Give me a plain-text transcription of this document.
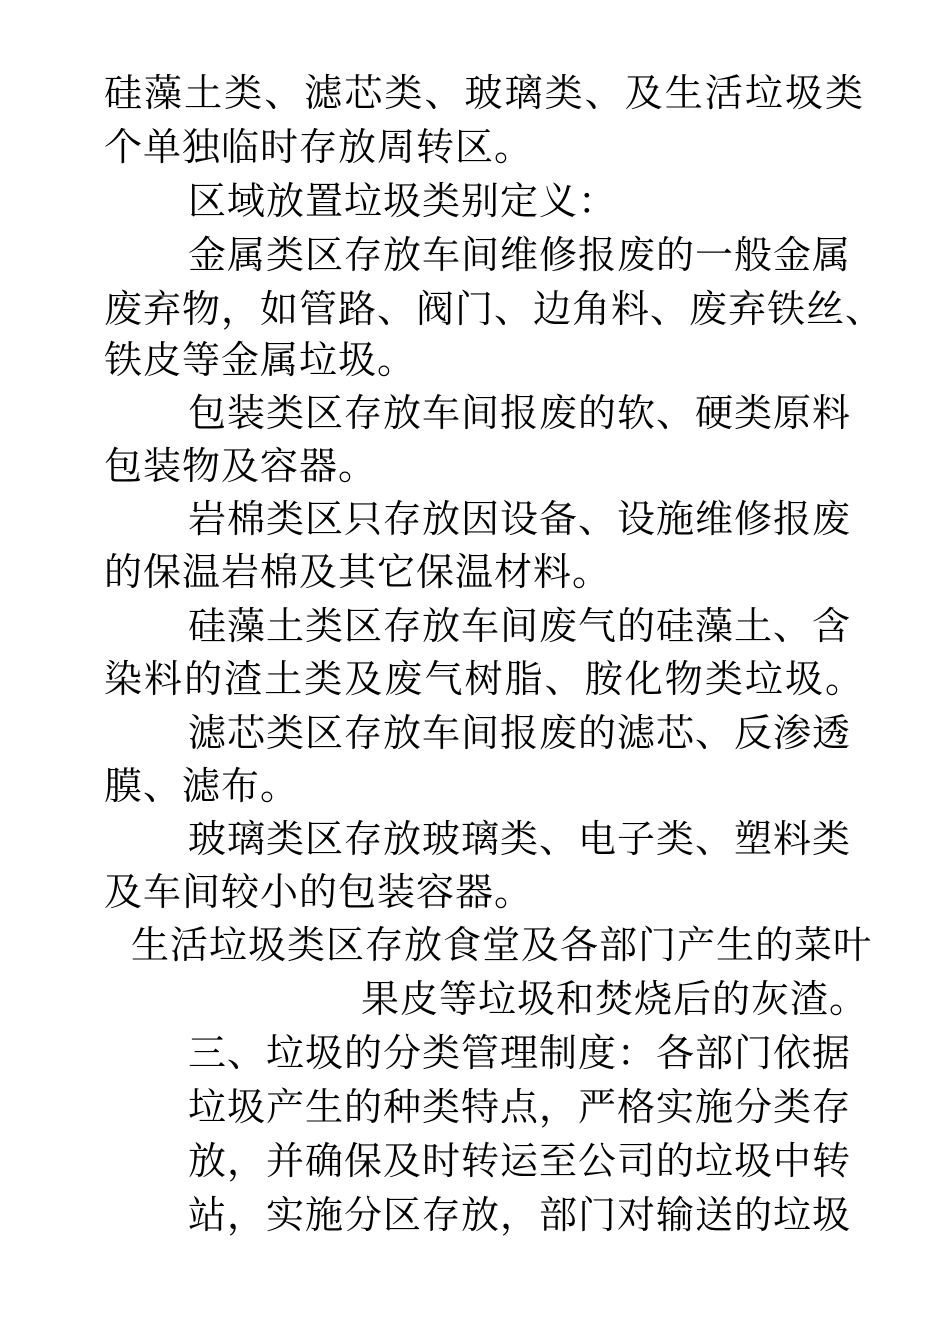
硅藻土类、滤芯类、玻璃类、及生活垃圾类
个单独临时存放周转区。
区域放置垃圾类别定义：
金属类区存放车间维修报废的一般金属
废弃物，如管路、阀门、边角料、废弃铁丝、
铁皮等金属垃圾。
包装类区存放车间报废的软、硬类原料
包装物及容器。
岩棉类区只存放因设备、设施维修报废
的保温岩棉及其它保温材料。
硅藻土类区存放车间废气的硅藻土、含
染料的渣土类及废气树脂、胺化物类垃圾。
滤芯类区存放车间报废的滤芯、反渗透
膜、滤布。
玻璃类区存放玻璃类、电子类、塑料类
及车间较小的包装容器。
生活垃圾类区存放食堂及各部门产生的菜叶
果皮等垃圾和焚烧后的灰渣。
三、垃圾的分类管理制度：各部门依据
垃圾产生的种类特点，严格实施分类存
放，并确保及时转运至公司的垃圾中转
站，实施分区存放，部门对输送的垃圾
